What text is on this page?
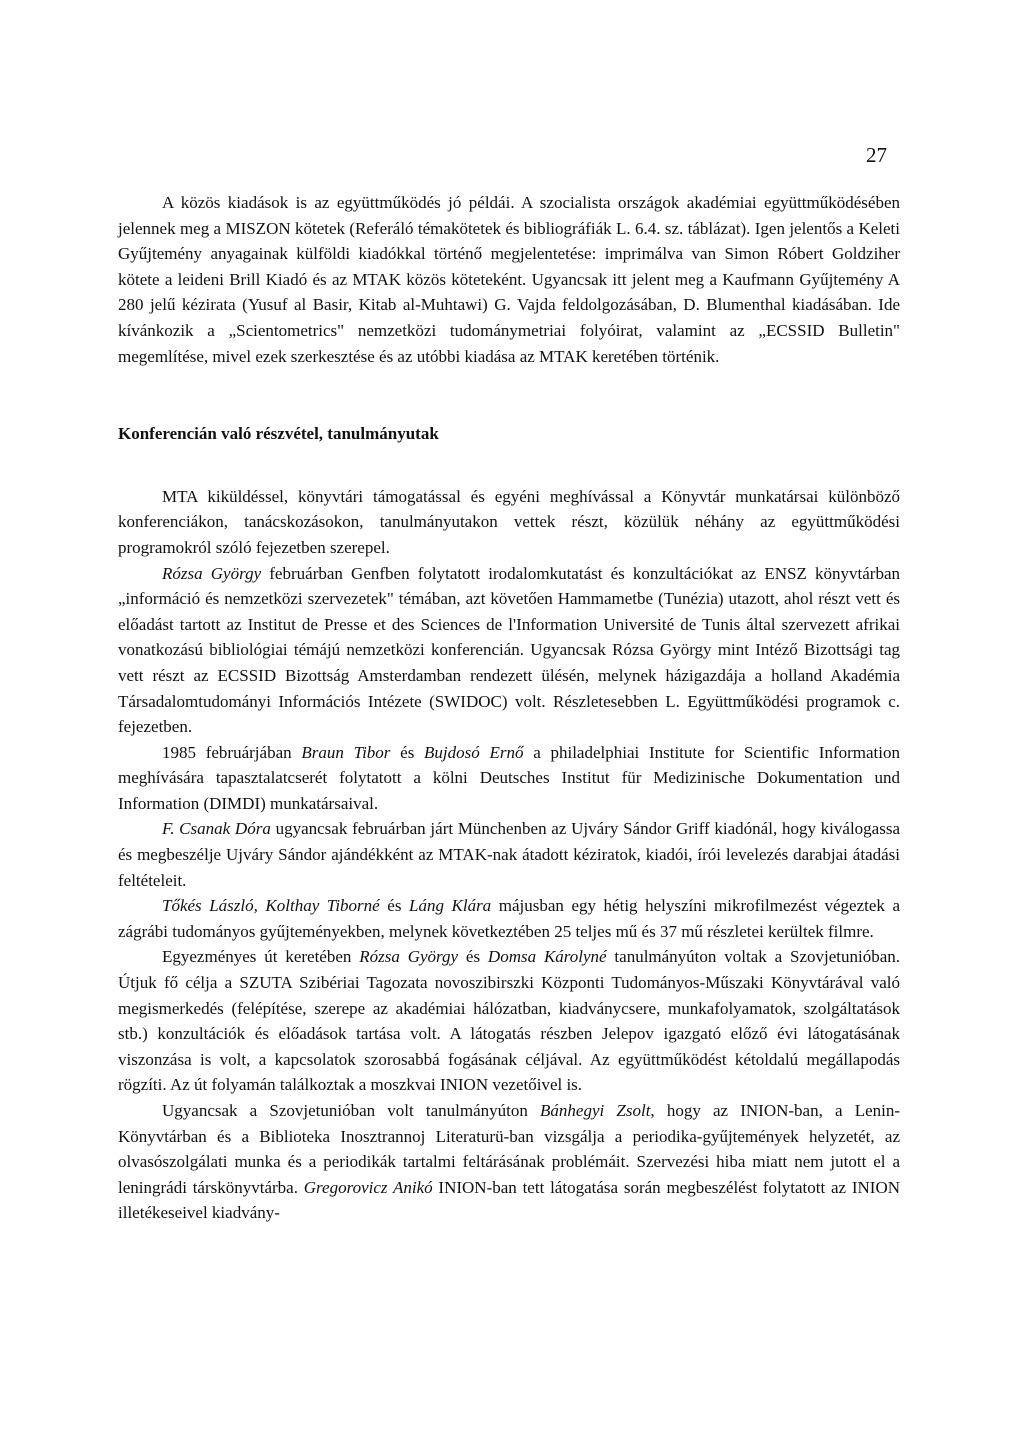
27

A közös kiadások is az együttműködés jó példái. A szocialista országok akadémiai együttműködésében jelennek meg a MISZON kötetek (Referáló témakötetek és bibliográfiák L. 6.4. sz. táblázat). Igen jelentős a Keleti Gyűjtemény anyagainak külföldi kiadókkal történő megjelentetése: imprimálva van Simon Róbert Goldziher kötete a leideni Brill Kiadó és az MTAK közös köteteként. Ugyancsak itt jelent meg a Kaufmann Gyűjtemény A 280 jelű kézirata (Yusuf al Basir, Kitab al-Muhtawi) G. Vajda feldolgozásában, D. Blumenthal kiadásában. Ide kívánkozik a „Scientometrics" nemzetközi tudománymetriai folyóirat, valamint az „ECSSID Bulletin" megemlítése, mivel ezek szerkesztése és az utóbbi kiadása az MTAK keretében történik.

Konferencián való részvétel, tanulmányutak

MTA kiküldéssel, könyvtári támogatással és egyéni meghívással a Könyvtár munkatársai különböző konferenciákon, tanácskozásokon, tanulmányutakon vettek részt, közülük néhány az együttműködési programokról szóló fejezetben szerepel.

Rózsa György februárban Genfben folytatott irodalomkutatást és konzultációkat az ENSZ könyvtárban „információ és nemzetközi szervezetek" témában, azt követően Hammametbe (Tunézia) utazott, ahol részt vett és előadást tartott az Institut de Presse et des Sciences de l'Information Université de Tunis által szervezett afrikai vonatkozású bibliológiai témájú nemzetközi konferencián. Ugyancsak Rózsa György mint Intéző Bizottsági tag vett részt az ECSSID Bizottság Amsterdamban rendezett ülésén, melynek házigazdája a holland Akadémia Társadalomtudományi Információs Intézete (SWIDOC) volt. Részletesebben L. Együttműködési programok c. fejezetben.

1985 februárjában Braun Tibor és Bujdosó Ernő a philadelphiai Institute for Scientific Information meghívására tapasztalatcserét folytatott a kölni Deutsches Institut für Medizinische Dokumentation und Information (DIMDI) munkatársaival.

F. Csanak Dóra ugyancsak februárban járt Münchenben az Ujváry Sándor Griff kiadónál, hogy kiválogassa és megbeszélje Ujváry Sándor ajándékként az MTAK-nak átadott kéziratok, kiadói, írói levelezés darabjai átadási feltételeit.

Tőkés László, Kolthay Tiborné és Láng Klára májusban egy hétig helyszíni mikrofilmezést végeztek a zágrábi tudományos gyűjteményekben, melynek következtében 25 teljes mű és 37 mű részletei kerültek filmre.

Egyezményes út keretében Rózsa György és Domsa Károlyné tanulmányúton voltak a Szovjetunióban. Útjuk fő célja a SZUTA Szibériai Tagozata novoszibirszki Központi Tudományos-Műszaki Könyvtárával való megismerkedés (felépítése, szerepe az akadémiai hálózatban, kiadványcsere, munkafolyamatok, szolgáltatások stb.) konzultációk és előadások tartása volt. A látogatás részben Jelepov igazgató előző évi látogatásának viszonzása is volt, a kapcsolatok szorosabbá fogásának céljával. Az együttműködést kétoldalú megállapodás rögzíti. Az út folyamán találkoztak a moszkvai INION vezetőivel is.

Ugyancsak a Szovjetunióban volt tanulmányúton Bánhegyi Zsolt, hogy az INION-ban, a Lenin-Könyvtárban és a Biblioteka Inosztrannoj Literaturü-ban vizsgálja a periodika-gyűjtemények helyzetét, az olvasószolgálati munka és a periodikák tartalmi feltárásának problémáit. Szervezési hiba miatt nem jutott el a leningrádi társkönyvtárba. Gregorovicz Anikó INION-ban tett látogatása során megbeszélést folytatott az INION illetékeseivel kiadvány-
